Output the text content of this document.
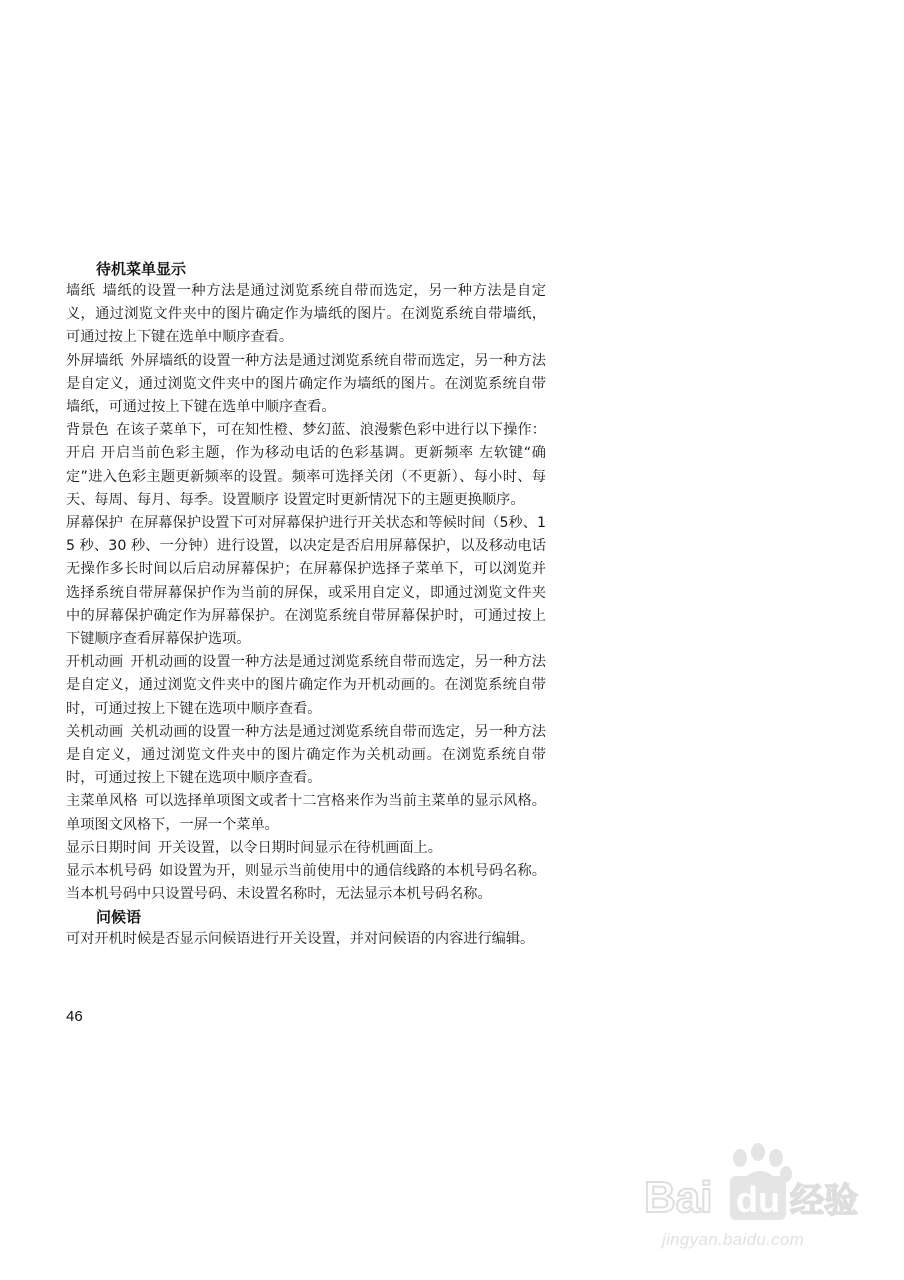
待机菜单显示

墙纸 墙纸的设置一种方法是通过浏览系统自带而选定，另一种方法是自定义，通过浏览文件夹中的图片确定作为墙纸的图片。在浏览系统自带墙纸，可通过按上下键在选单中顺序查看。

外屏墙纸 外屏墙纸的设置一种方法是通过浏览系统自带而选定，另一种方法是自定义，通过浏览文件夹中的图片确定作为墙纸的图片。在浏览系统自带墙纸，可通过按上下键在选单中顺序查看。

背景色 在该子菜单下，可在知性橙、梦幻蓝、浪漫紫色彩中进行以下操作：开启 开启当前色彩主题，作为移动电话的色彩基调。更新频率 左软键“确定”进入色彩主题更新频率的设置。频率可选择关闭（不更新）、每小时、每天、每周、每月、每季。设置顺序 设置定时更新情况下的主题更换顺序。

屏幕保护 在屏幕保护设置下可对屏幕保护进行开关状态和等候时间（5秒、15 秒、30 秒、一分钟）进行设置，以决定是否启用屏幕保护，以及移动电话无操作多长时间以后启动屏幕保护；在屏幕保护选择子菜单下，可以浏览并选择系统自带屏幕保护作为当前的屏保，或采用自定义，即通过浏览文件夹中的屏幕保护确定作为屏幕保护。在浏览系统自带屏幕保护时，可通过按上下键顺序查看屏幕保护选项。

开机动画 开机动画的设置一种方法是通过浏览系统自带而选定，另一种方法是自定义，通过浏览文件夹中的图片确定作为开机动画的。在浏览系统自带时，可通过按上下键在选项中顺序查看。

关机动画 关机动画的设置一种方法是通过浏览系统自带而选定，另一种方法是自定义，通过浏览文件夹中的图片确定作为关机动画。在浏览系统自带时，可通过按上下键在选项中顺序查看。

主菜单风格 可以选择单项图文或者十二宫格来作为当前主菜单的显示风格。单项图文风格下，一屏一个菜单。

显示日期时间 开关设置，以令日期时间显示在待机画面上。

显示本机号码 如设置为开，则显示当前使用中的通信线路的本机号码名称。当本机号码中只设置号码、未设置名称时，无法显示本机号码名称。

问候语

可对开机时候是否显示问候语进行开关设置，并对问候语的内容进行编辑。

46
Bai du 经验
jingyan.baidu.com
